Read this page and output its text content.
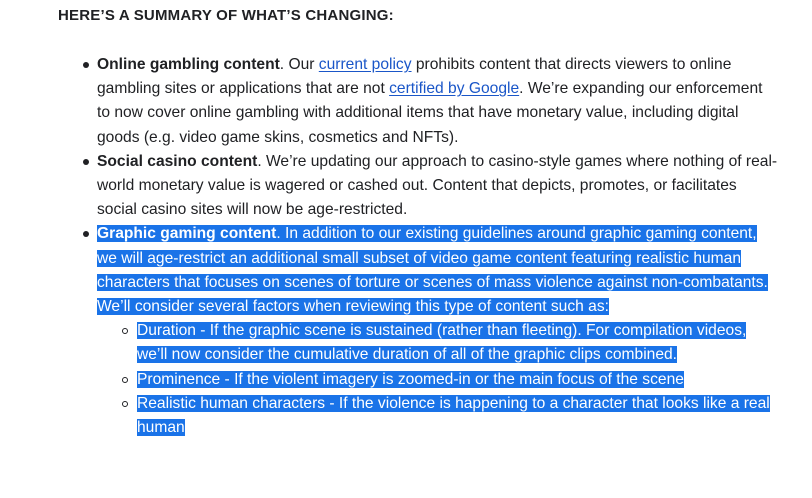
HERE’S A SUMMARY OF WHAT’S CHANGING:
Online gambling content. Our current policy prohibits content that directs viewers to online gambling sites or applications that are not certified by Google. We’re expanding our enforcement to now cover online gambling with additional items that have monetary value, including digital goods (e.g. video game skins, cosmetics and NFTs).
Social casino content. We’re updating our approach to casino-style games where nothing of real-world monetary value is wagered or cashed out. Content that depicts, promotes, or facilitates social casino sites will now be age-restricted.
Graphic gaming content. In addition to our existing guidelines around graphic gaming content, we will age-restrict an additional small subset of video game content featuring realistic human characters that focuses on scenes of torture or scenes of mass violence against non-combatants. We’ll consider several factors when reviewing this type of content such as:
Duration - If the graphic scene is sustained (rather than fleeting). For compilation videos, we’ll now consider the cumulative duration of all of the graphic clips combined.
Prominence - If the violent imagery is zoomed-in or the main focus of the scene
Realistic human characters - If the violence is happening to a character that looks like a real human
